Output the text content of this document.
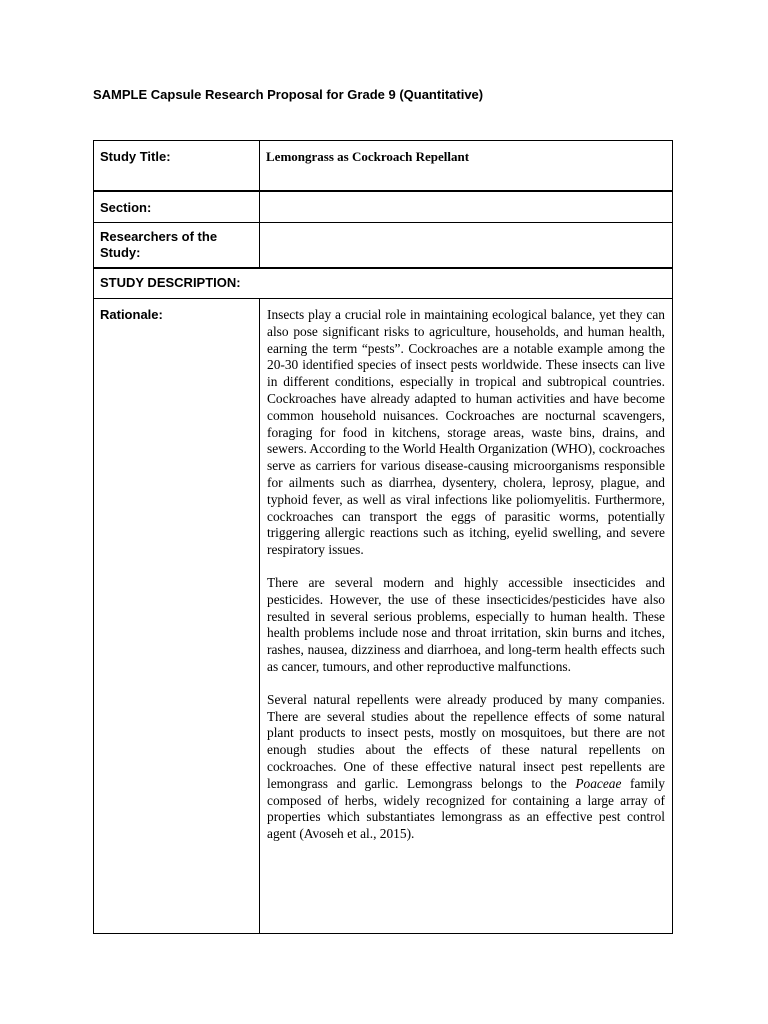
SAMPLE Capsule Research Proposal for Grade 9 (Quantitative)
Study Title:	Lemongrass as Cockroach Repellant
Section:	
Researchers of the Study:	
STUDY DESCRIPTION:	
Rationale:	Insects play a crucial role in maintaining ecological balance, yet they can also pose significant risks to agriculture, households, and human health, earning the term “pests”. Cockroaches are a notable example among the 20-30 identified species of insect pests worldwide. These insects can live in different conditions, especially in tropical and subtropical countries. Cockroaches have already adapted to human activities and have become common household nuisances. Cockroaches are nocturnal scavengers, foraging for food in kitchens, storage areas, waste bins, drains, and sewers. According to the World Health Organization (WHO), cockroaches serve as carriers for various disease-causing microorganisms responsible for ailments such as diarrhea, dysentery, cholera, leprosy, plague, and typhoid fever, as well as viral infections like poliomyelitis. Furthermore, cockroaches can transport the eggs of parasitic worms, potentially triggering allergic reactions such as itching, eyelid swelling, and severe respiratory issues.

There are several modern and highly accessible insecticides and pesticides. However, the use of these insecticides/pesticides have also resulted in several serious problems, especially to human health. These health problems include nose and throat irritation, skin burns and itches, rashes, nausea, dizziness and diarrhoea, and long-term health effects such as cancer, tumours, and other reproductive malfunctions.

Several natural repellents were already produced by many companies. There are several studies about the repellence effects of some natural plant products to insect pests, mostly on mosquitoes, but there are not enough studies about the effects of these natural repellents on cockroaches. One of these effective natural insect pest repellents are lemongrass and garlic. Lemongrass belongs to the Poaceae family composed of herbs, widely recognized for containing a large array of properties which substantiates lemongrass as an effective pest control agent (Avoseh et al., 2015).
